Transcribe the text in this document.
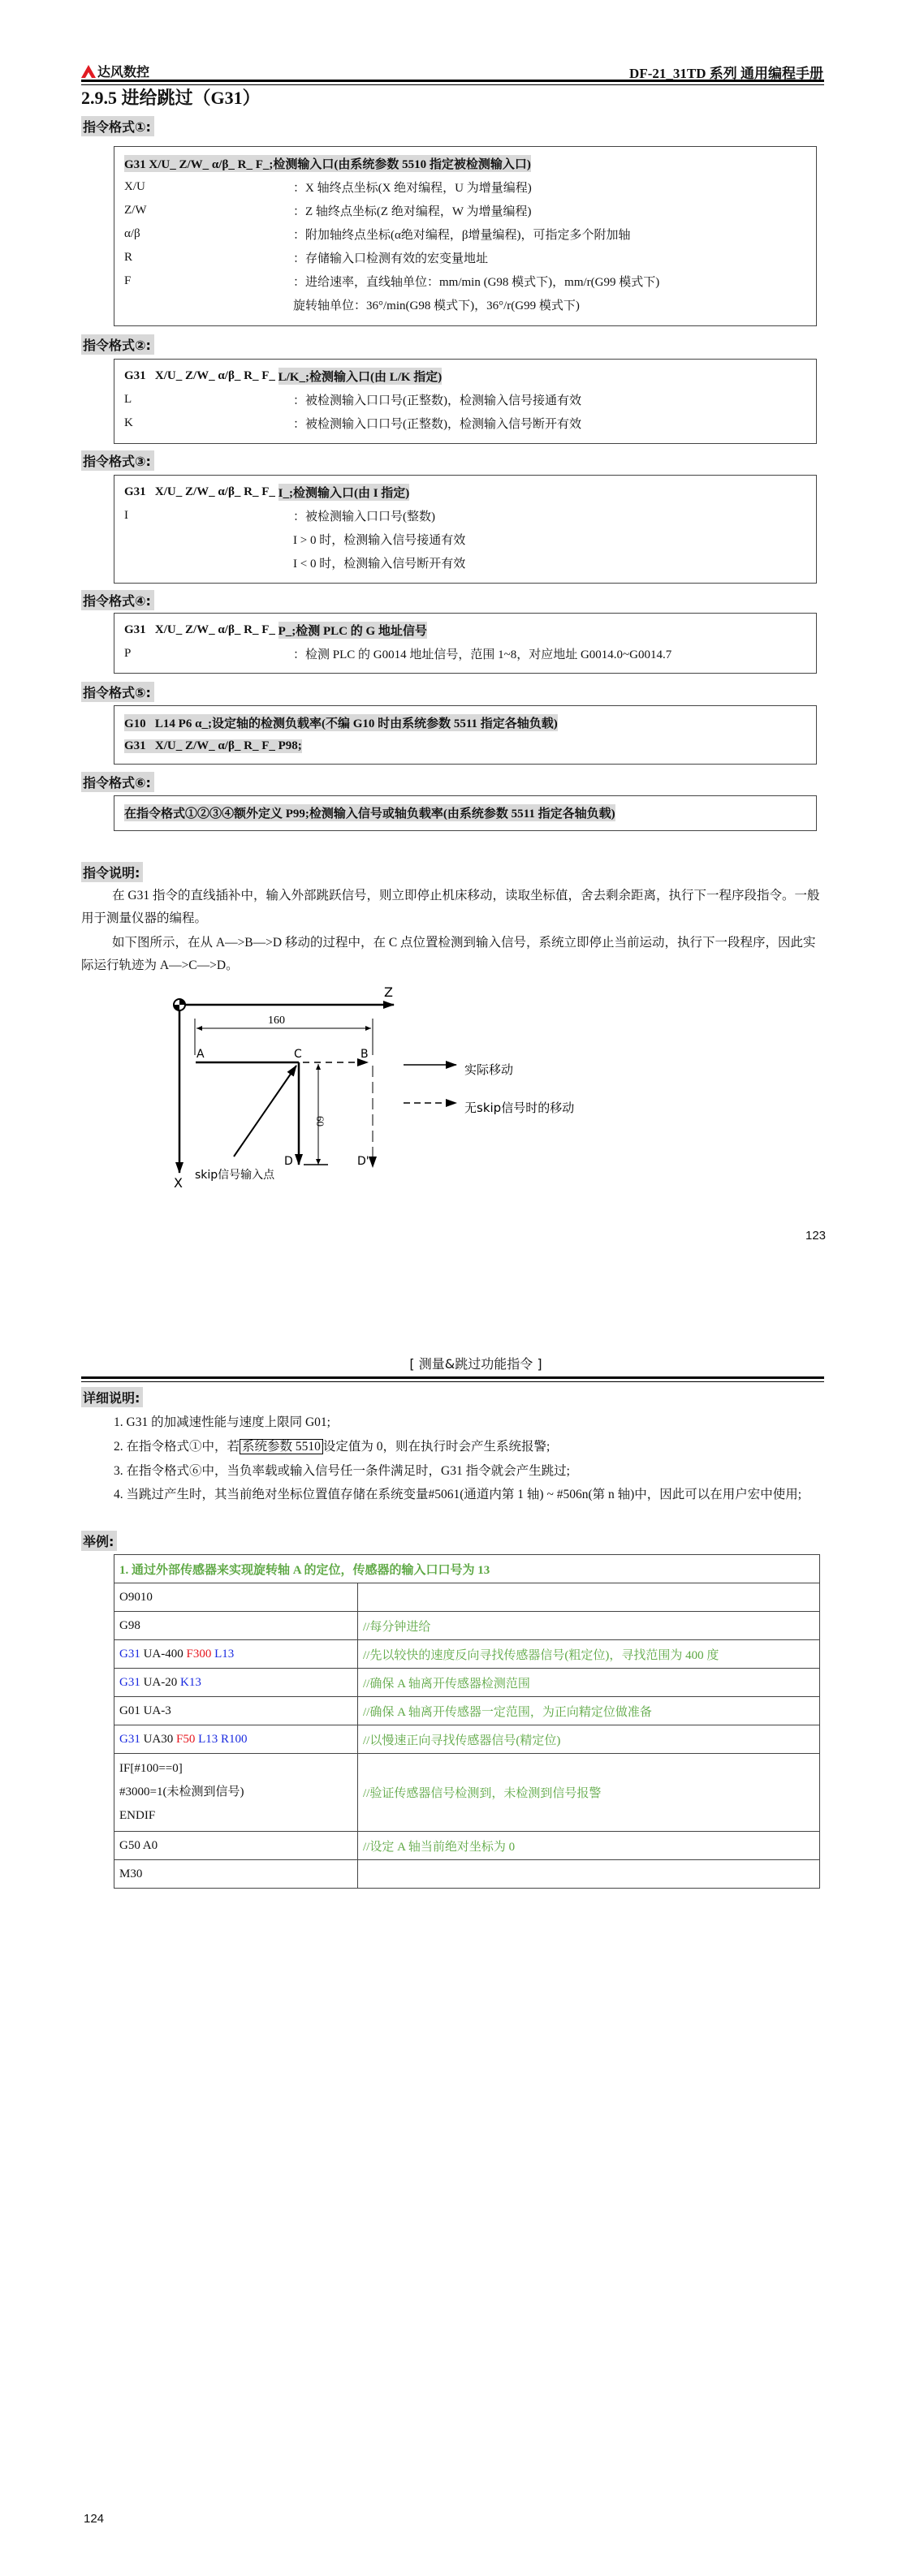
达风数控	DF-21_31TD 系列 通用编程手册
2.9.5 进给跳过（G31）
指令格式①:
G31 X/U_ Z/W_ α/β_ R_ F_;检测输入口(由系统参数 5510 指定被检测输入口)
X/U	：X 轴终点坐标(X 绝对编程，U 为增量编程)
Z/W	：Z 轴终点坐标(Z 绝对编程，W 为增量编程)
α/β	：附加轴终点坐标(α绝对编程，β增量编程)，可指定多个附加轴
R	：存储输入口检测有效的宏变量地址
F	：进给速率，直线轴单位：mm/min (G98 模式下)，mm/r(G99 模式下)
旋转轴单位：36°/min(G98 模式下)，36°/r(G99 模式下)
指令格式②:
G31   X/U_ Z/W_ α/β_ R_ F_ L/K_;检测输入口(由 L/K 指定)
L	：被检测输入口口号(正整数)，检测输入信号接通有效
K	：被检测输入口口号(正整数)，检测输入信号断开有效
指令格式③:
G31   X/U_ Z/W_ α/β_ R_ F_ I_;检测输入口(由 I 指定)
I	：被检测输入口口号(整数)
I > 0 时，检测输入信号接通有效
I < 0 时，检测输入信号断开有效
指令格式④:
G31   X/U_ Z/W_ α/β_ R_ F_ P_;检测 PLC 的 G 地址信号
P	：检测 PLC 的 G0014 地址信号，范围 1~8，对应地址 G0014.0~G0014.7
指令格式⑤:
G10   L14 P6 α_;设定轴的检测负载率(不编 G10 时由系统参数 5511 指定各轴负载)
G31   X/U_ Z/W_ α/β_ R_ F_ P98;
指令格式⑥:
在指令格式①②③④额外定义 P99;检测输入信号或轴负载率(由系统参数 5511 指定各轴负载)
指令说明:
在 G31 指令的直线插补中，输入外部跳跃信号，则立即停止机床移动，读取坐标值，舍去剩余距离，执行下一程序段指令。一般用于测量仪器的编程。
如下图所示，在从 A—>B—>D 移动的过程中，在 C 点位置检测到输入信号，系统立即停止当前运动，执行下一段程序，因此实际运行轨迹为 A—>C—>D。
Z
X
160
A	C	B
D	D'
60
skip信号输入点
实际移动
无skip信号时的移动
123
[ 测量&跳过功能指令 ]
详细说明:
1. G31 的加减速性能与速度上限同 G01;
2. 在指令格式①中，若 系统参数 5510 设定值为 0，则在执行时会产生系统报警;
3. 在指令格式⑥中，当负率载或输入信号任一条件满足时，G31 指令就会产生跳过;
4. 当跳过产生时，其当前绝对坐标位置值存储在系统变量#5061(通道内第 1 轴) ~ #506n(第 n 轴)中，因此可以在用户宏中使用;
举例:
1. 通过外部传感器来实现旋转轴 A 的定位，传感器的输入口口号为 13	
O9010	
G98	//每分钟进给
G31 UA-400 F300 L13	//先以较快的速度反向寻找传感器信号(粗定位)，寻找范围为 400 度
G31 UA-20 K13	//确保 A 轴离开传感器检测范围
G01 UA-3	//确保 A 轴离开传感器一定范围，为正向精定位做准备
G31 UA30 F50 L13 R100	//以慢速正向寻找传感器信号(精定位)

IF[#100==0]
#3000=1(未检测到信号)
ENDIF	//验证传感器信号检测到，未检测到信号报警
G50 A0	//设定 A 轴当前绝对坐标为 0
M30	
124
